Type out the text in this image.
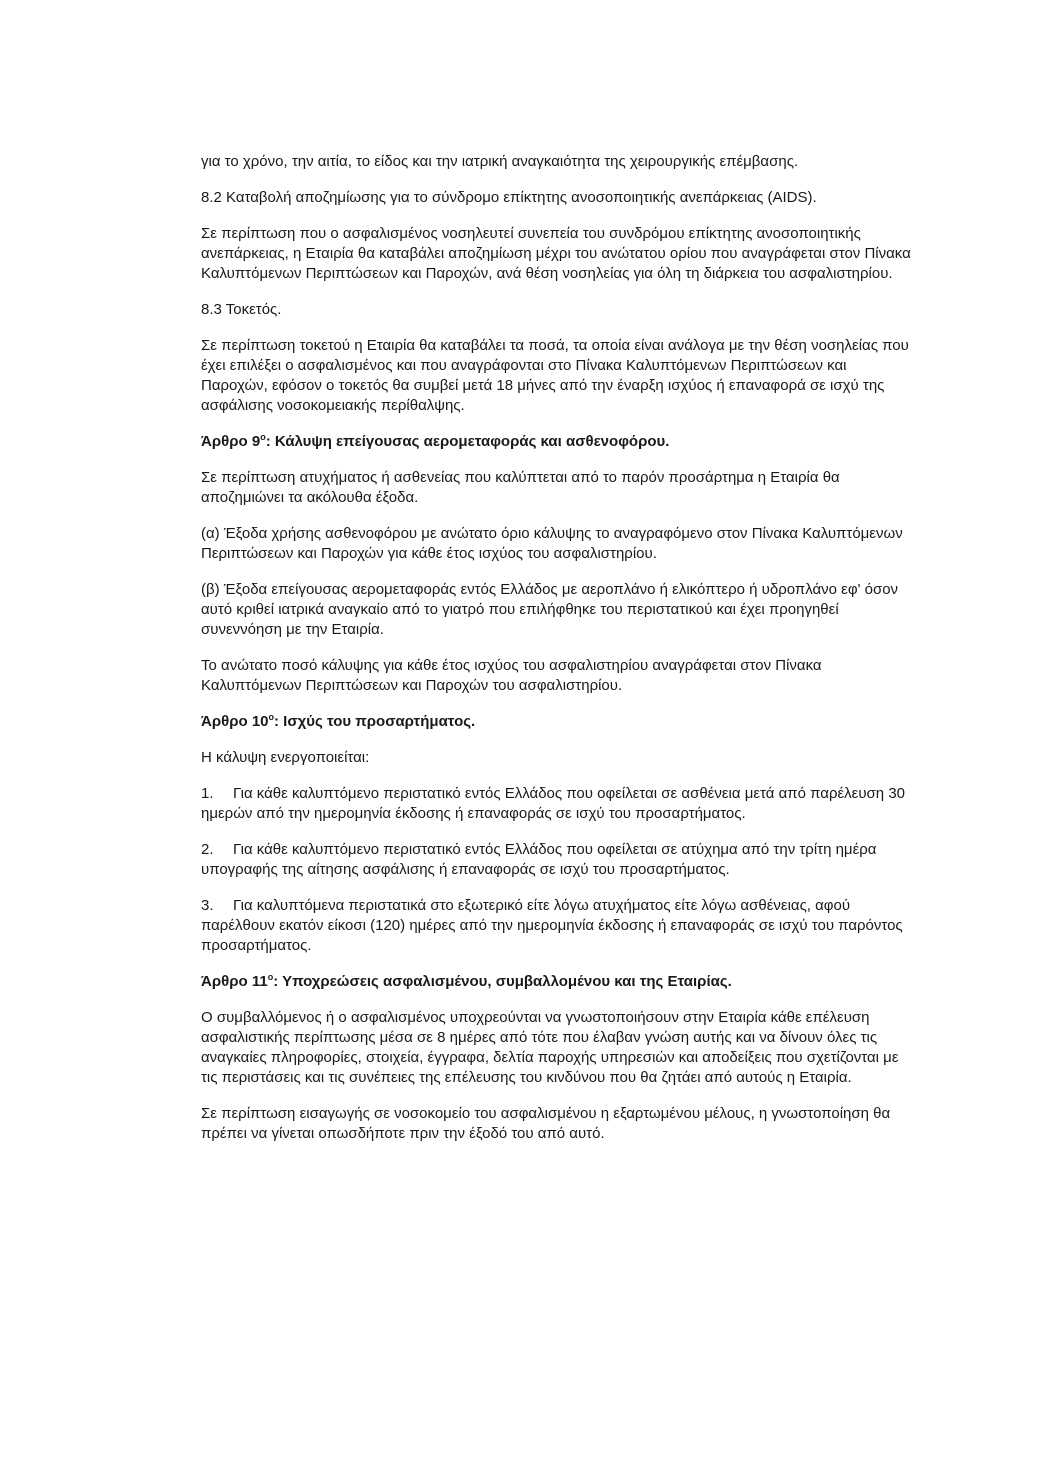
για το χρόνο, την αιτία, το είδος και την ιατρική αναγκαιότητα της χειρουργικής επέμβασης.

8.2 Καταβολή αποζημίωσης για το σύνδρομο επίκτητης ανοσοποιητικής ανεπάρκειας (AIDS).

Σε περίπτωση που ο ασφαλισμένος νοσηλευτεί συνεπεία του συνδρόμου επίκτητης ανοσοποιητικής ανεπάρκειας, η Εταιρία θα καταβάλει αποζημίωση μέχρι του ανώτατου ορίου που αναγράφεται στον Πίνακα Καλυπτόμενων Περιπτώσεων και Παροχών, ανά θέση νοσηλείας για όλη τη διάρκεια του ασφαλιστηρίου.

8.3 Τοκετός.

Σε περίπτωση τοκετού η Εταιρία θα καταβάλει τα ποσά, τα οποία είναι ανάλογα με την θέση νοσηλείας που έχει επιλέξει ο ασφαλισμένος και που αναγράφονται στο Πίνακα Καλυπτόμενων Περιπτώσεων και Παροχών, εφόσον ο τοκετός θα συμβεί μετά 18 μήνες από την έναρξη ισχύος ή επαναφορά σε ισχύ της ασφάλισης νοσοκομειακής περίθαλψης.

Άρθρο $9^o$: Κάλυψη επείγουσας αερομεταφοράς και ασθενοφόρου.

Σε περίπτωση ατυχήματος ή ασθενείας που καλύπτεται από το παρόν προσάρτημα η Εταιρία θα αποζημιώνει τα ακόλουθα έξοδα.

(α) Έξοδα χρήσης ασθενοφόρου με ανώτατο όριο κάλυψης το αναγραφόμενο στον Πίνακα Καλυπτόμενων Περιπτώσεων και Παροχών για κάθε έτος ισχύος του ασφαλιστηρίου.

(β) Έξοδα επείγουσας αερομεταφοράς εντός Ελλάδος με αεροπλάνο ή ελικόπτερο ή υδροπλάνο εφ' όσον αυτό κριθεί ιατρικά αναγκαίο από το γιατρό που επιλήφθηκε του περιστατικού και έχει προηγηθεί συνεννόηση με την Εταιρία.

Το ανώτατο ποσό κάλυψης για κάθε έτος ισχύος του ασφαλιστηρίου αναγράφεται στον Πίνακα Καλυπτόμενων Περιπτώσεων και Παροχών του ασφαλιστηρίου.

Άρθρο $10^o$: Ισχύς του προσαρτήματος.

Η κάλυψη ενεργοποιείται:

1. Για κάθε καλυπτόμενο περιστατικό εντός Ελλάδος που οφείλεται σε ασθένεια μετά από παρέλευση 30 ημερών από την ημερομηνία έκδοσης ή επαναφοράς σε ισχύ του προσαρτήματος.

2. Για κάθε καλυπτόμενο περιστατικό εντός Ελλάδος που οφείλεται σε ατύχημα από την τρίτη ημέρα υπογραφής της αίτησης ασφάλισης ή επαναφοράς σε ισχύ του προσαρτήματος.

3. Για καλυπτόμενα περιστατικά στο εξωτερικό είτε λόγω ατυχήματος είτε λόγω ασθένειας, αφού παρέλθουν εκατόν είκοσι (120) ημέρες από την ημερομηνία έκδοσης ή επαναφοράς σε ισχύ του παρόντος προσαρτήματος.

Άρθρο $11^o$: Υποχρεώσεις ασφαλισμένου, συμβαλλομένου και της Εταιρίας.

Ο συμβαλλόμενος ή ο ασφαλισμένος υποχρεούνται να γνωστοποιήσουν στην Εταιρία κάθε επέλευση ασφαλιστικής περίπτωσης μέσα σε 8 ημέρες από τότε που έλαβαν γνώση αυτής και να δίνουν όλες τις αναγκαίες πληροφορίες, στοιχεία, έγγραφα, δελτία παροχής υπηρεσιών και αποδείξεις που σχετίζονται με τις περιστάσεις και τις συνέπειες της επέλευσης του κινδύνου που θα ζητάει από αυτούς η Εταιρία.

Σε περίπτωση εισαγωγής σε νοσοκομείο του ασφαλισμένου η εξαρτωμένου μέλους, η γνωστοποίηση θα πρέπει να γίνεται οπωσδήποτε πριν την έξοδό του από αυτό.
